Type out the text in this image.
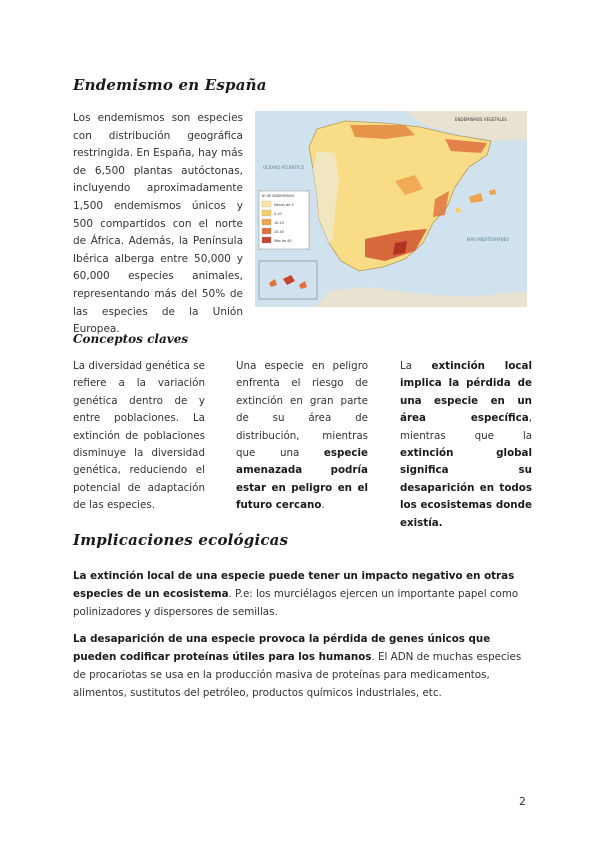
Endemismo en España
Los endemismos son especies con distribución geográfica restringida. En España, hay más de 6,500 plantas autóctonas, incluyendo aproximadamente 1,500 endemismos únicos y 500 compartidos con el norte de África. Además, la Península Ibérica alberga entre 50,000 y 60,000 especies animales, representando más del 50% de las especies de la Unión Europea.
Nº DE ENDEMISMOS
Menos de 5
5-10
10-20
20-40
Más de 40
ENDEMISMOS VEGETALES
OCÉANO ATLÁNTICO
MAR MEDITERRÁNEO
Conceptos claves
La diversidad genética se refiere a la variación genética dentro de y entre poblaciones. La extinción de poblaciones disminuye la diversidad genética, reduciendo el potencial de adaptación de las especies.
Una especie en peligro enfrenta el riesgo de extinción en gran parte de su área de distribución, mientras que una especie amenazada podría estar en peligro en el futuro cercano.
La extinción local implica la pérdida de una especie en un área específica, mientras que la extinción global significa su desaparición en todos los ecosistemas donde existía.
Implicaciones ecológicas
La extinción local de una especie puede tener un impacto negativo en otras especies de un ecosistema. P.e: los murciélagos ejercen un importante papel como polinizadores y dispersores de semillas.
La desaparición de una especie provoca la pérdida de genes únicos que pueden codificar proteínas útiles para los humanos. El ADN de muchas especies de procariotas se usa en la producción masiva de proteínas para medicamentos, alimentos, sustitutos del petróleo, productos químicos industriales, etc.
2
